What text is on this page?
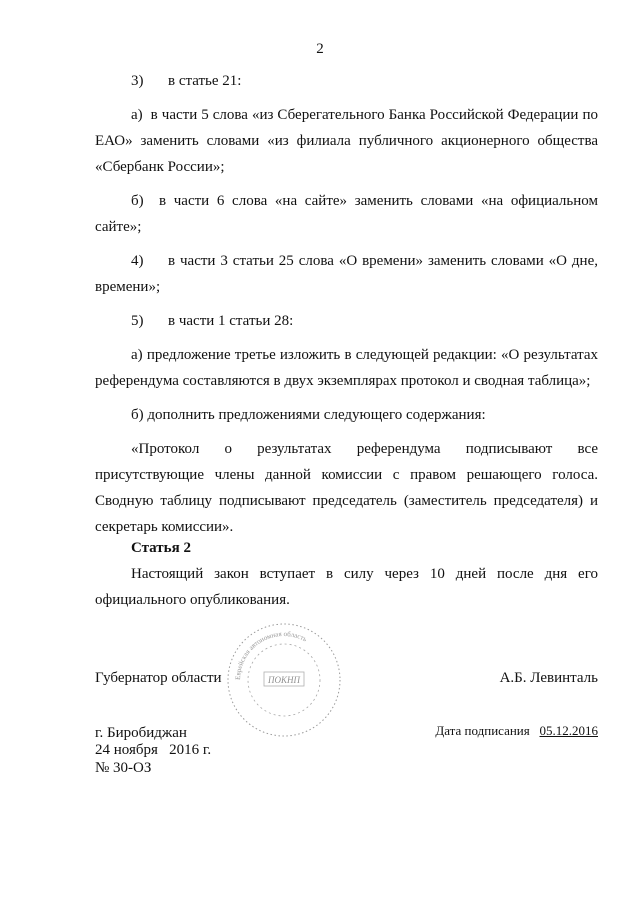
2

3) в статье 21:

а)  в части 5 слова «из Сберегательного Банка Российской Федерации по ЕАО» заменить словами «из филиала публичного акционерного общества «Сбербанк России»;

б)  в части 6 слова «на сайте» заменить словами «на официальном сайте»;

4) в части 3 статьи 25 слова «О времени» заменить словами «О дне, времени»;

5) в части 1 статьи 28:

а) предложение третье изложить в следующей редакции: «О результатах референдума составляются в двух экземплярах протокол и сводная таблица»;

б) дополнить предложениями следующего содержания:

«Протокол о результатах референдума подписывают все присутствующие члены данной комиссии с правом решающего голоса. Сводную таблицу подписывают председатель (заместитель председателя) и секретарь комиссии».

Статья 2

Настоящий закон вступает в силу через 10 дней после дня его официального опубликования.

Губернатор области	А.Б. Левинталь
Еврейская автономная область
ПОКНП
г. Биробиджан	Дата подписания 05.12.2016
24 ноября   2016 г.
№ 30-ОЗ
